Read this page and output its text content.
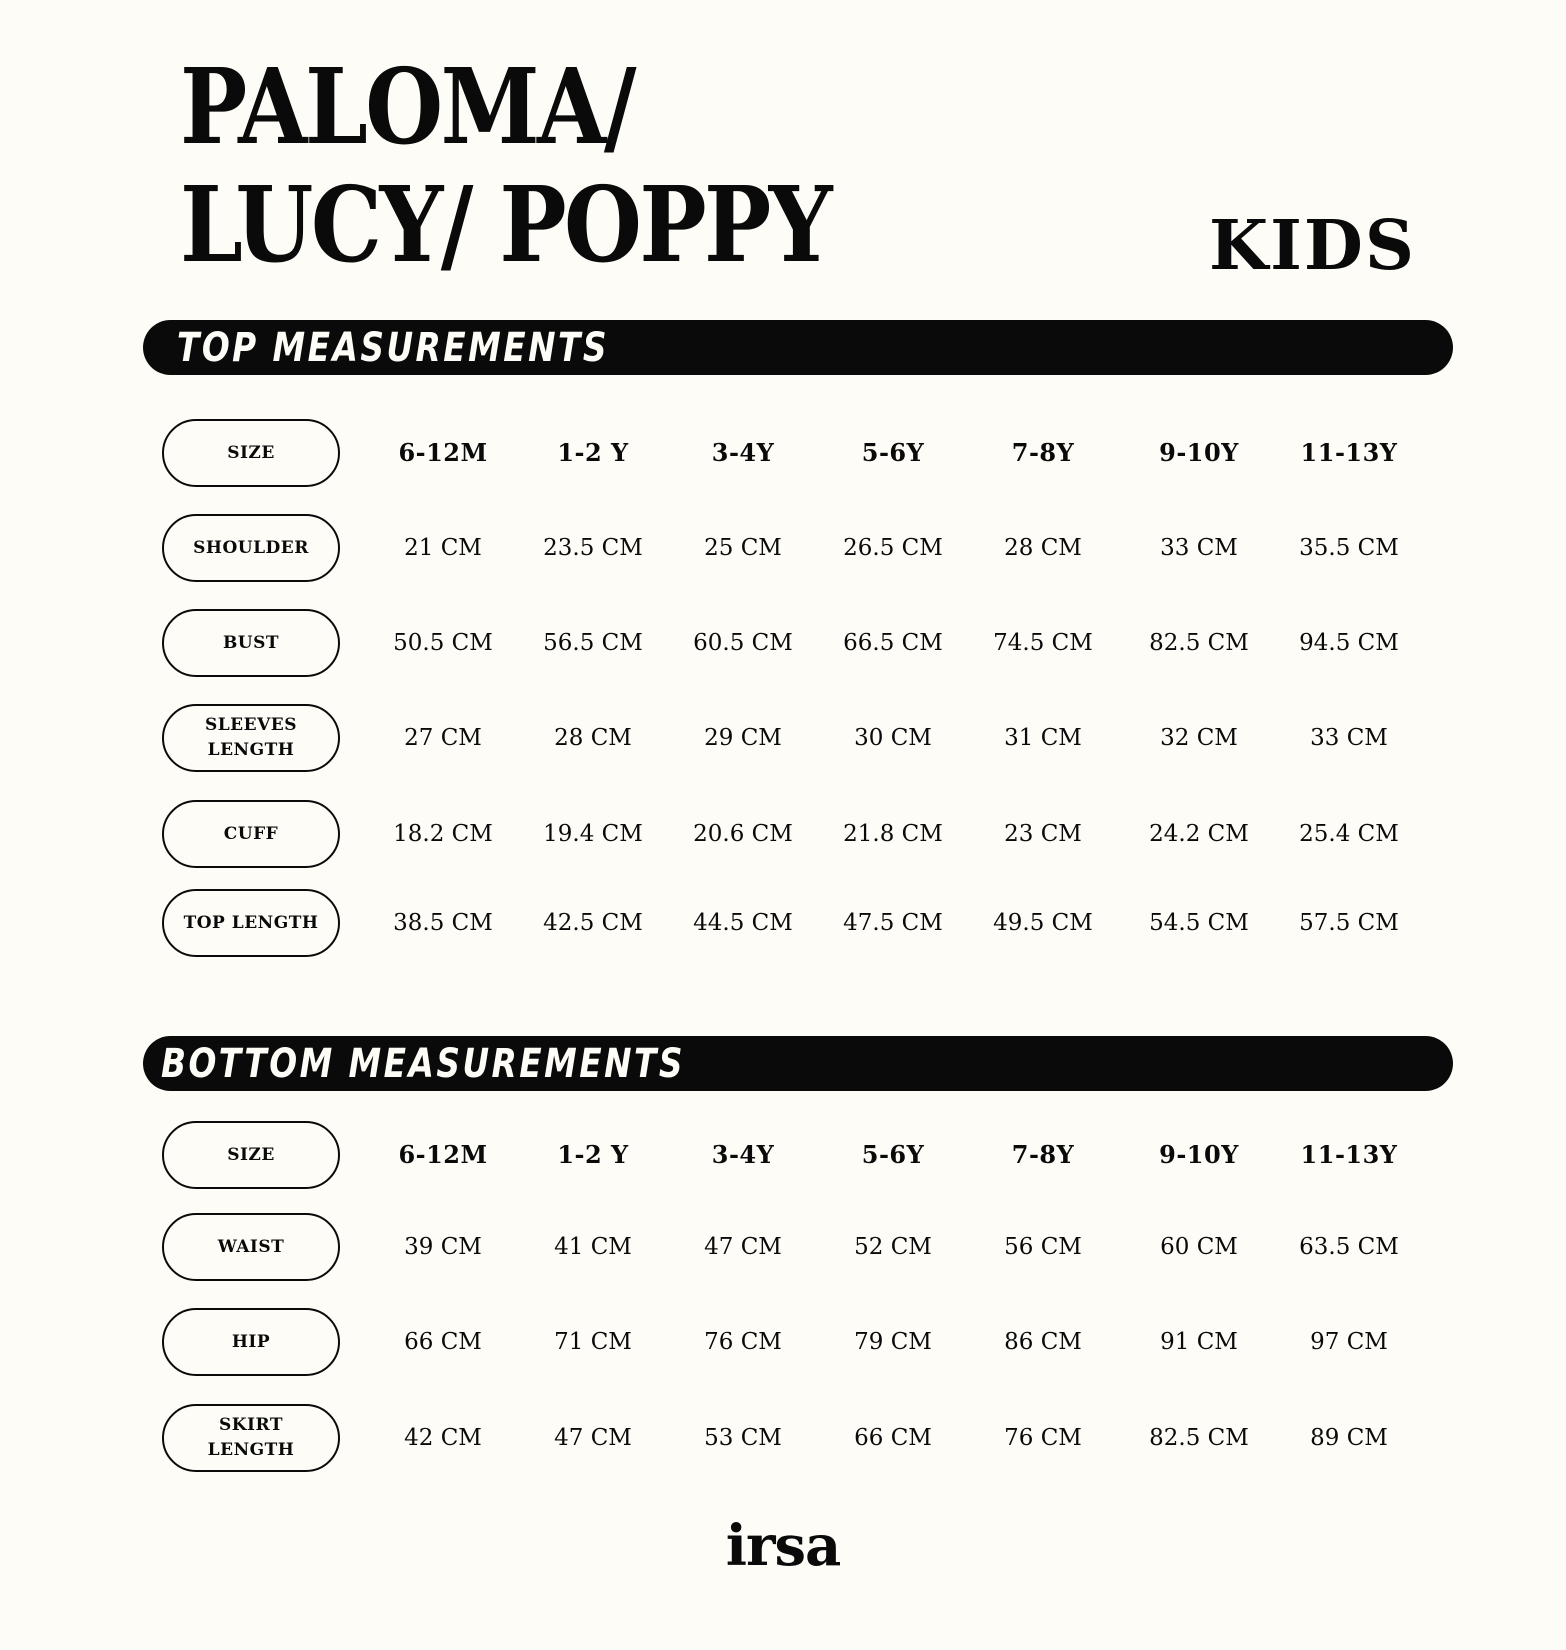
PALOMA/
LUCY/ POPPY	KIDS
TOP MEASUREMENTS
SIZE	6-12M	1-2 Y	3-4Y	5-6Y	7-8Y	9-10Y	11-13Y
SHOULDER	21 CM	23.5 CM	25 CM	26.5 CM	28 CM	33 CM	35.5 CM
BUST	50.5 CM	56.5 CM	60.5 CM	66.5 CM	74.5 CM	82.5 CM	94.5 CM
SLEEVES
LENGTH	27 CM	28 CM	29 CM	30 CM	31 CM	32 CM	33 CM
CUFF	18.2 CM	19.4 CM	20.6 CM	21.8 CM	23 CM	24.2 CM	25.4 CM
TOP LENGTH	38.5 CM	42.5 CM	44.5 CM	47.5 CM	49.5 CM	54.5 CM	57.5 CM
BOTTOM MEASUREMENTS
SIZE	6-12M	1-2 Y	3-4Y	5-6Y	7-8Y	9-10Y	11-13Y
WAIST	39 CM	41 CM	47 CM	52 CM	56 CM	60 CM	63.5 CM
HIP	66 CM	71 CM	76 CM	79 CM	86 CM	91 CM	97 CM
SKIRT
LENGTH	42 CM	47 CM	53 CM	66 CM	76 CM	82.5 CM	89 CM
irsa
